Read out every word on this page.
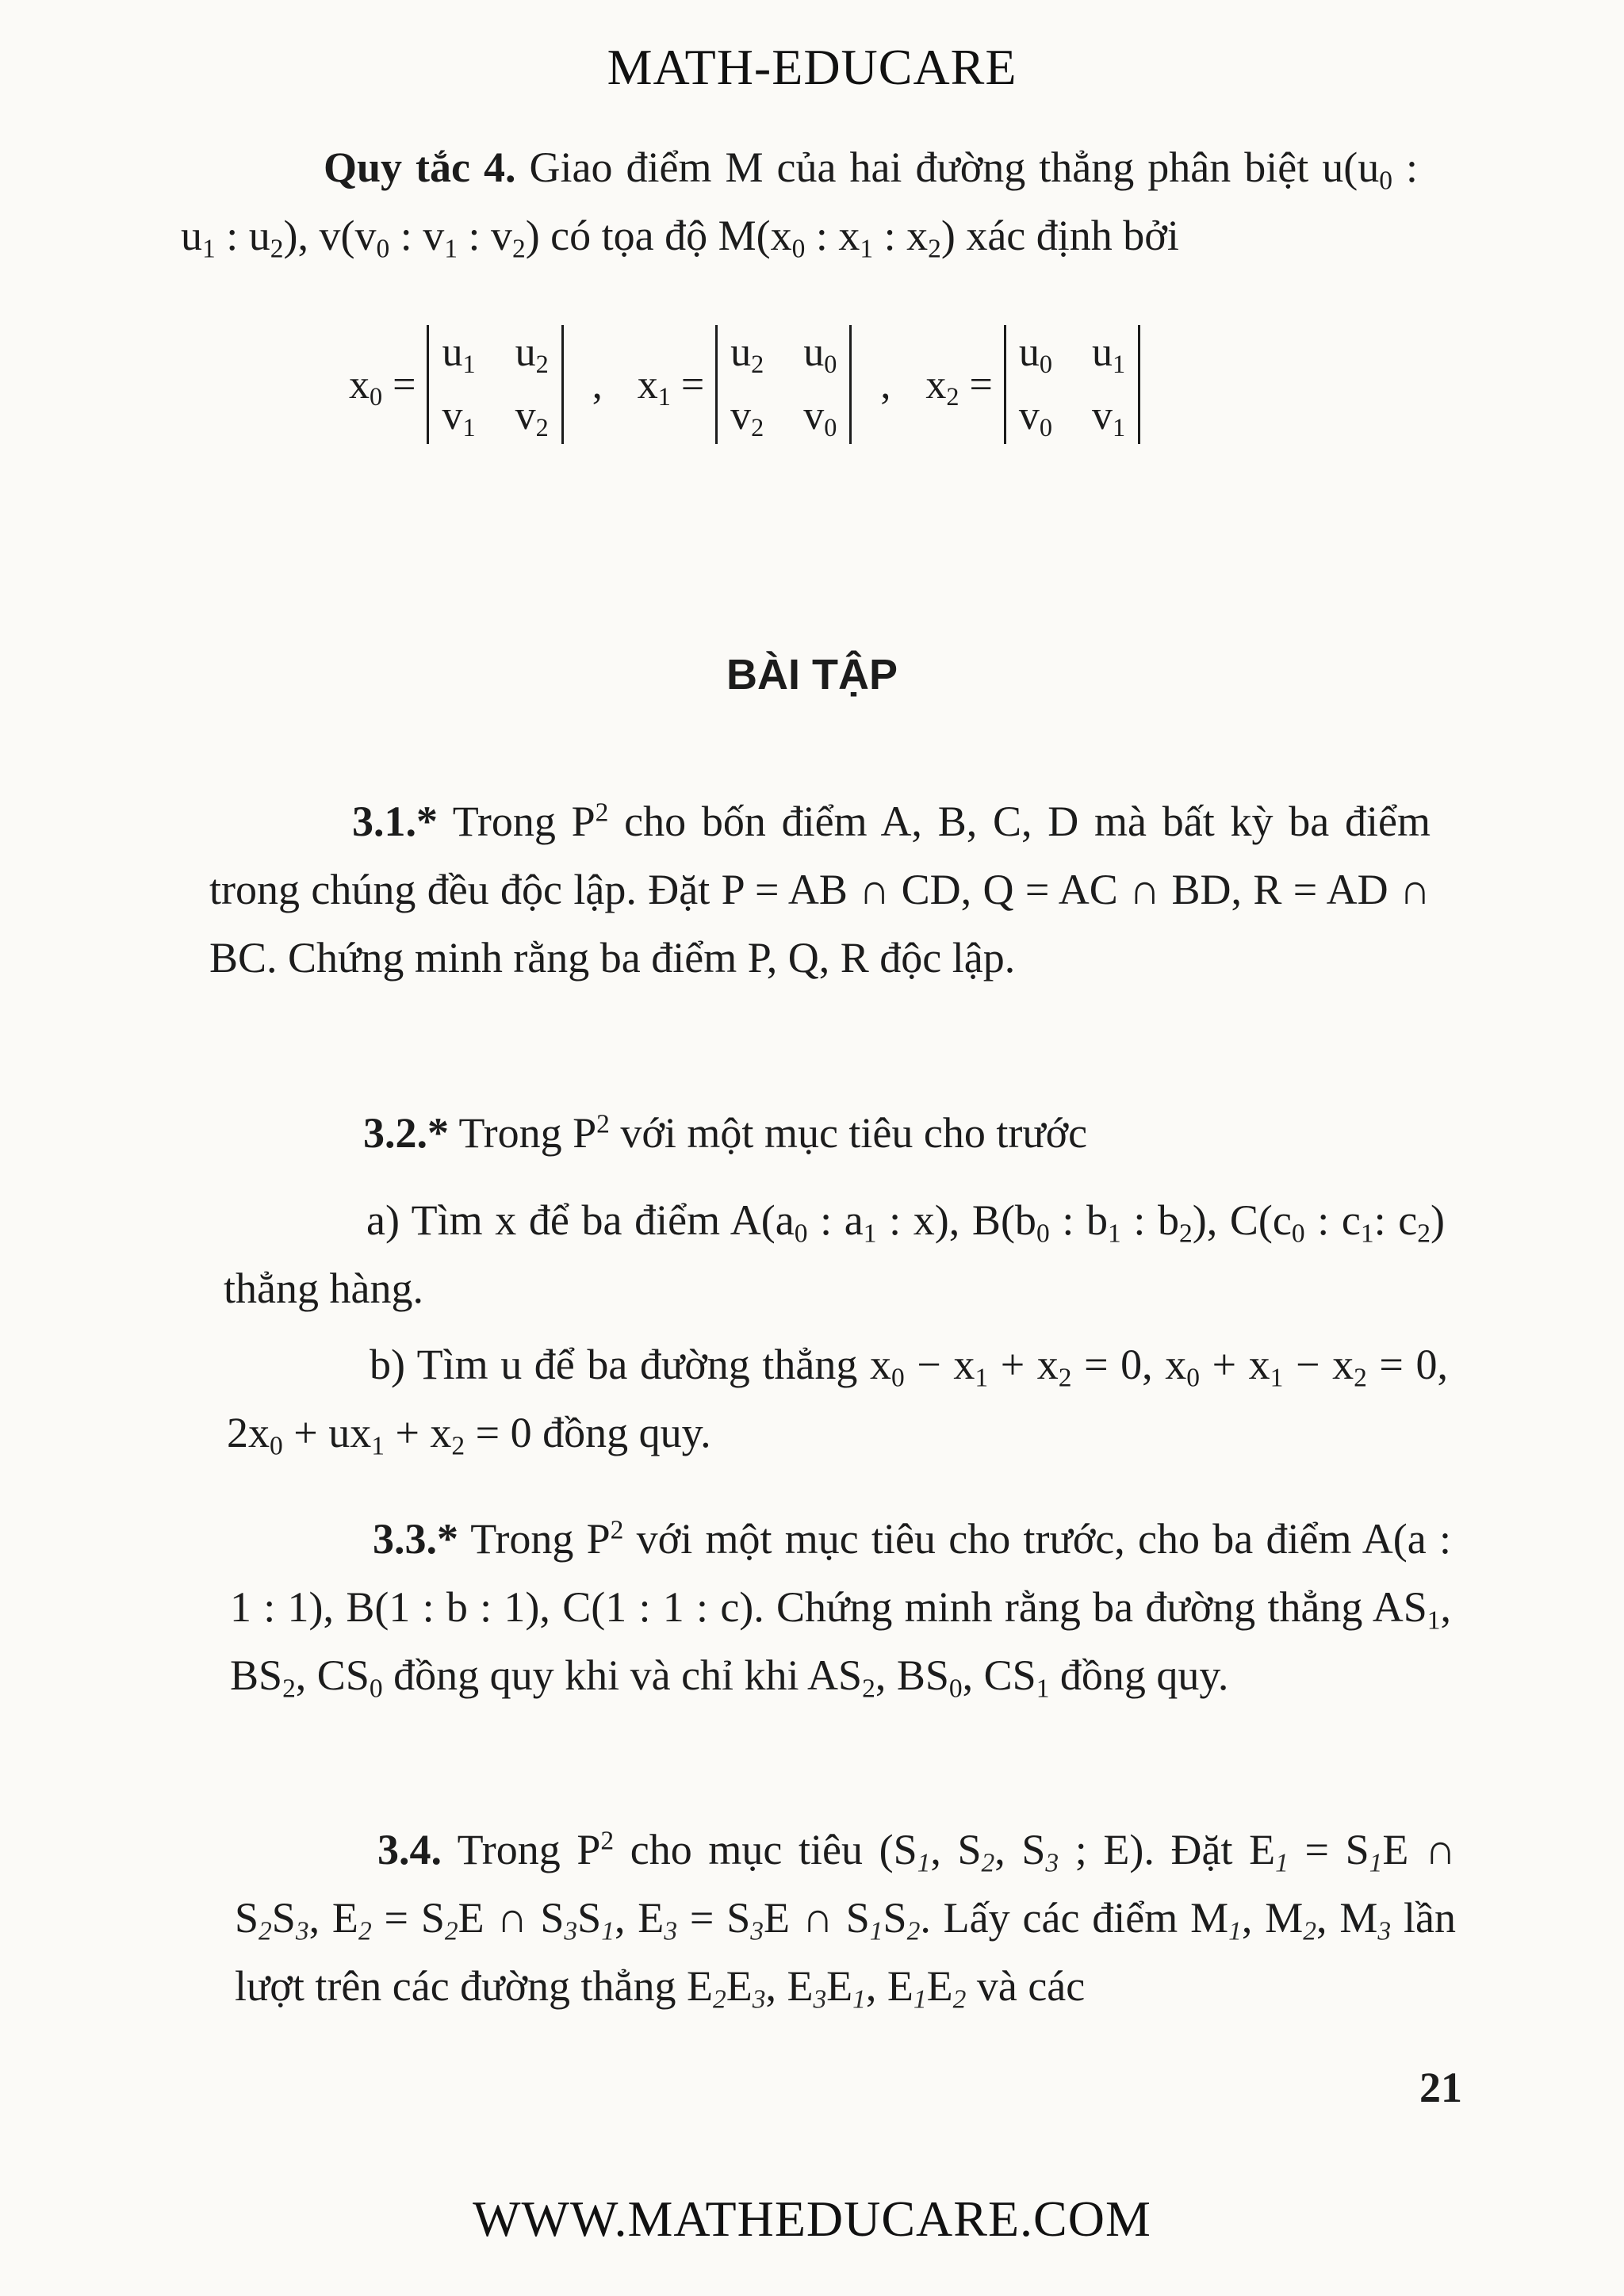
MATH-EDUCARE

Quy tắc 4. Giao điểm M của hai đường thẳng phân biệt $u(u_0$ : $u_1$ : $u_2$), $v(v_0$ : $v_1$ : $v_2$) có tọa độ $M(x_0$ : $x_1$ : $x_2$) xác định bởi

$x_0$ =
$u_1$ $u_2$
$v_1$ $v_2$
, $x_1$ =
$u_2$ $u_0$
$v_2$ $v_0$
, $x_2$ =
$u_0$ $u_1$
$v_0$ $v_1$
BÀI TẬP

3.1.* Trong $P^2$ cho bốn điểm A, B, C, D mà bất kỳ ba điểm trong chúng đều độc lập. Đặt P = AB ∩ CD, Q = AC ∩ BD, R = AD ∩ BC. Chứng minh rằng ba điểm P, Q, R độc lập.

3.2.* Trong $P^2$ với một mục tiêu cho trước

a) Tìm x để ba điểm $A(a_0$ : $a_1$ : x), $B(b_0$ : $b_1$ : $b_2$), $C(c_0$ : $c_1$: $c_2$) thẳng hàng.

b) Tìm u để ba đường thẳng $x_0 - x_1 + x_2 = 0$, $x_0 + x_1 - x_2 = 0$, $2x_0 + ux_1 + x_2 = 0$ đồng quy.

3.3.* Trong $P^2$ với một mục tiêu cho trước, cho ba điểm A(a : 1 : 1), B(1 : b : 1), C(1 : 1 : c). Chứng minh rằng ba đường thẳng $AS_1$, $BS_2$, $CS_0$ đồng quy khi và chỉ khi $AS_2$, $BS_0$, $CS_1$ đồng quy.

3.4. Trong $P^2$ cho mục tiêu ($S_1$, $S_2$, $S_3$ ; E). Đặt $E_1 = S_1E$ ∩ $S_2S_3$, $E_2 = S_2E$ ∩ $S_3S_1$, $E_3 = S_3E$ ∩ $S_1S_2$. Lấy các điểm $M_1$, $M_2$, $M_3$ lần lượt trên các đường thẳng $E_2E_3$, $E_3E_1$, $E_1E_2$ và các

21
WWW.MATHEDUCARE.COM
